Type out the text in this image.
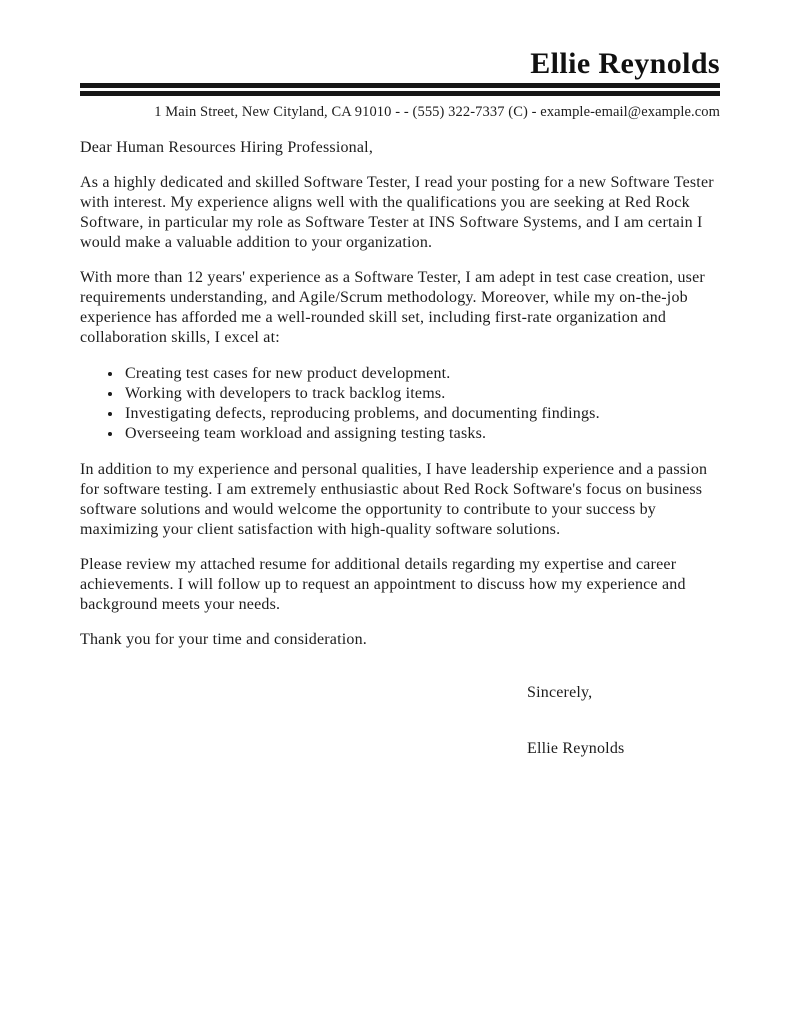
Ellie Reynolds
1 Main Street, New Cityland, CA 91010 - - (555) 322-7337 (C) - example-email@example.com

Dear Human Resources Hiring Professional,

As a highly dedicated and skilled Software Tester, I read your posting for a new Software Tester with interest. My experience aligns well with the qualifications you are seeking at Red Rock Software, in particular my role as Software Tester at INS Software Systems, and I am certain I would make a valuable addition to your organization.

With more than 12 years' experience as a Software Tester, I am adept in test case creation, user requirements understanding, and Agile/Scrum methodology. Moreover, while my on-the-job experience has afforded me a well-rounded skill set, including first-rate organization and collaboration skills, I excel at:

• Creating test cases for new product development.
• Working with developers to track backlog items.
• Investigating defects, reproducing problems, and documenting findings.
• Overseeing team workload and assigning testing tasks.

In addition to my experience and personal qualities, I have leadership experience and a passion for software testing. I am extremely enthusiastic about Red Rock Software's focus on business software solutions and would welcome the opportunity to contribute to your success by maximizing your client satisfaction with high-quality software solutions.

Please review my attached resume for additional details regarding my expertise and career achievements. I will follow up to request an appointment to discuss how my experience and background meets your needs.

Thank you for your time and consideration.

Sincerely,
Ellie Reynolds
